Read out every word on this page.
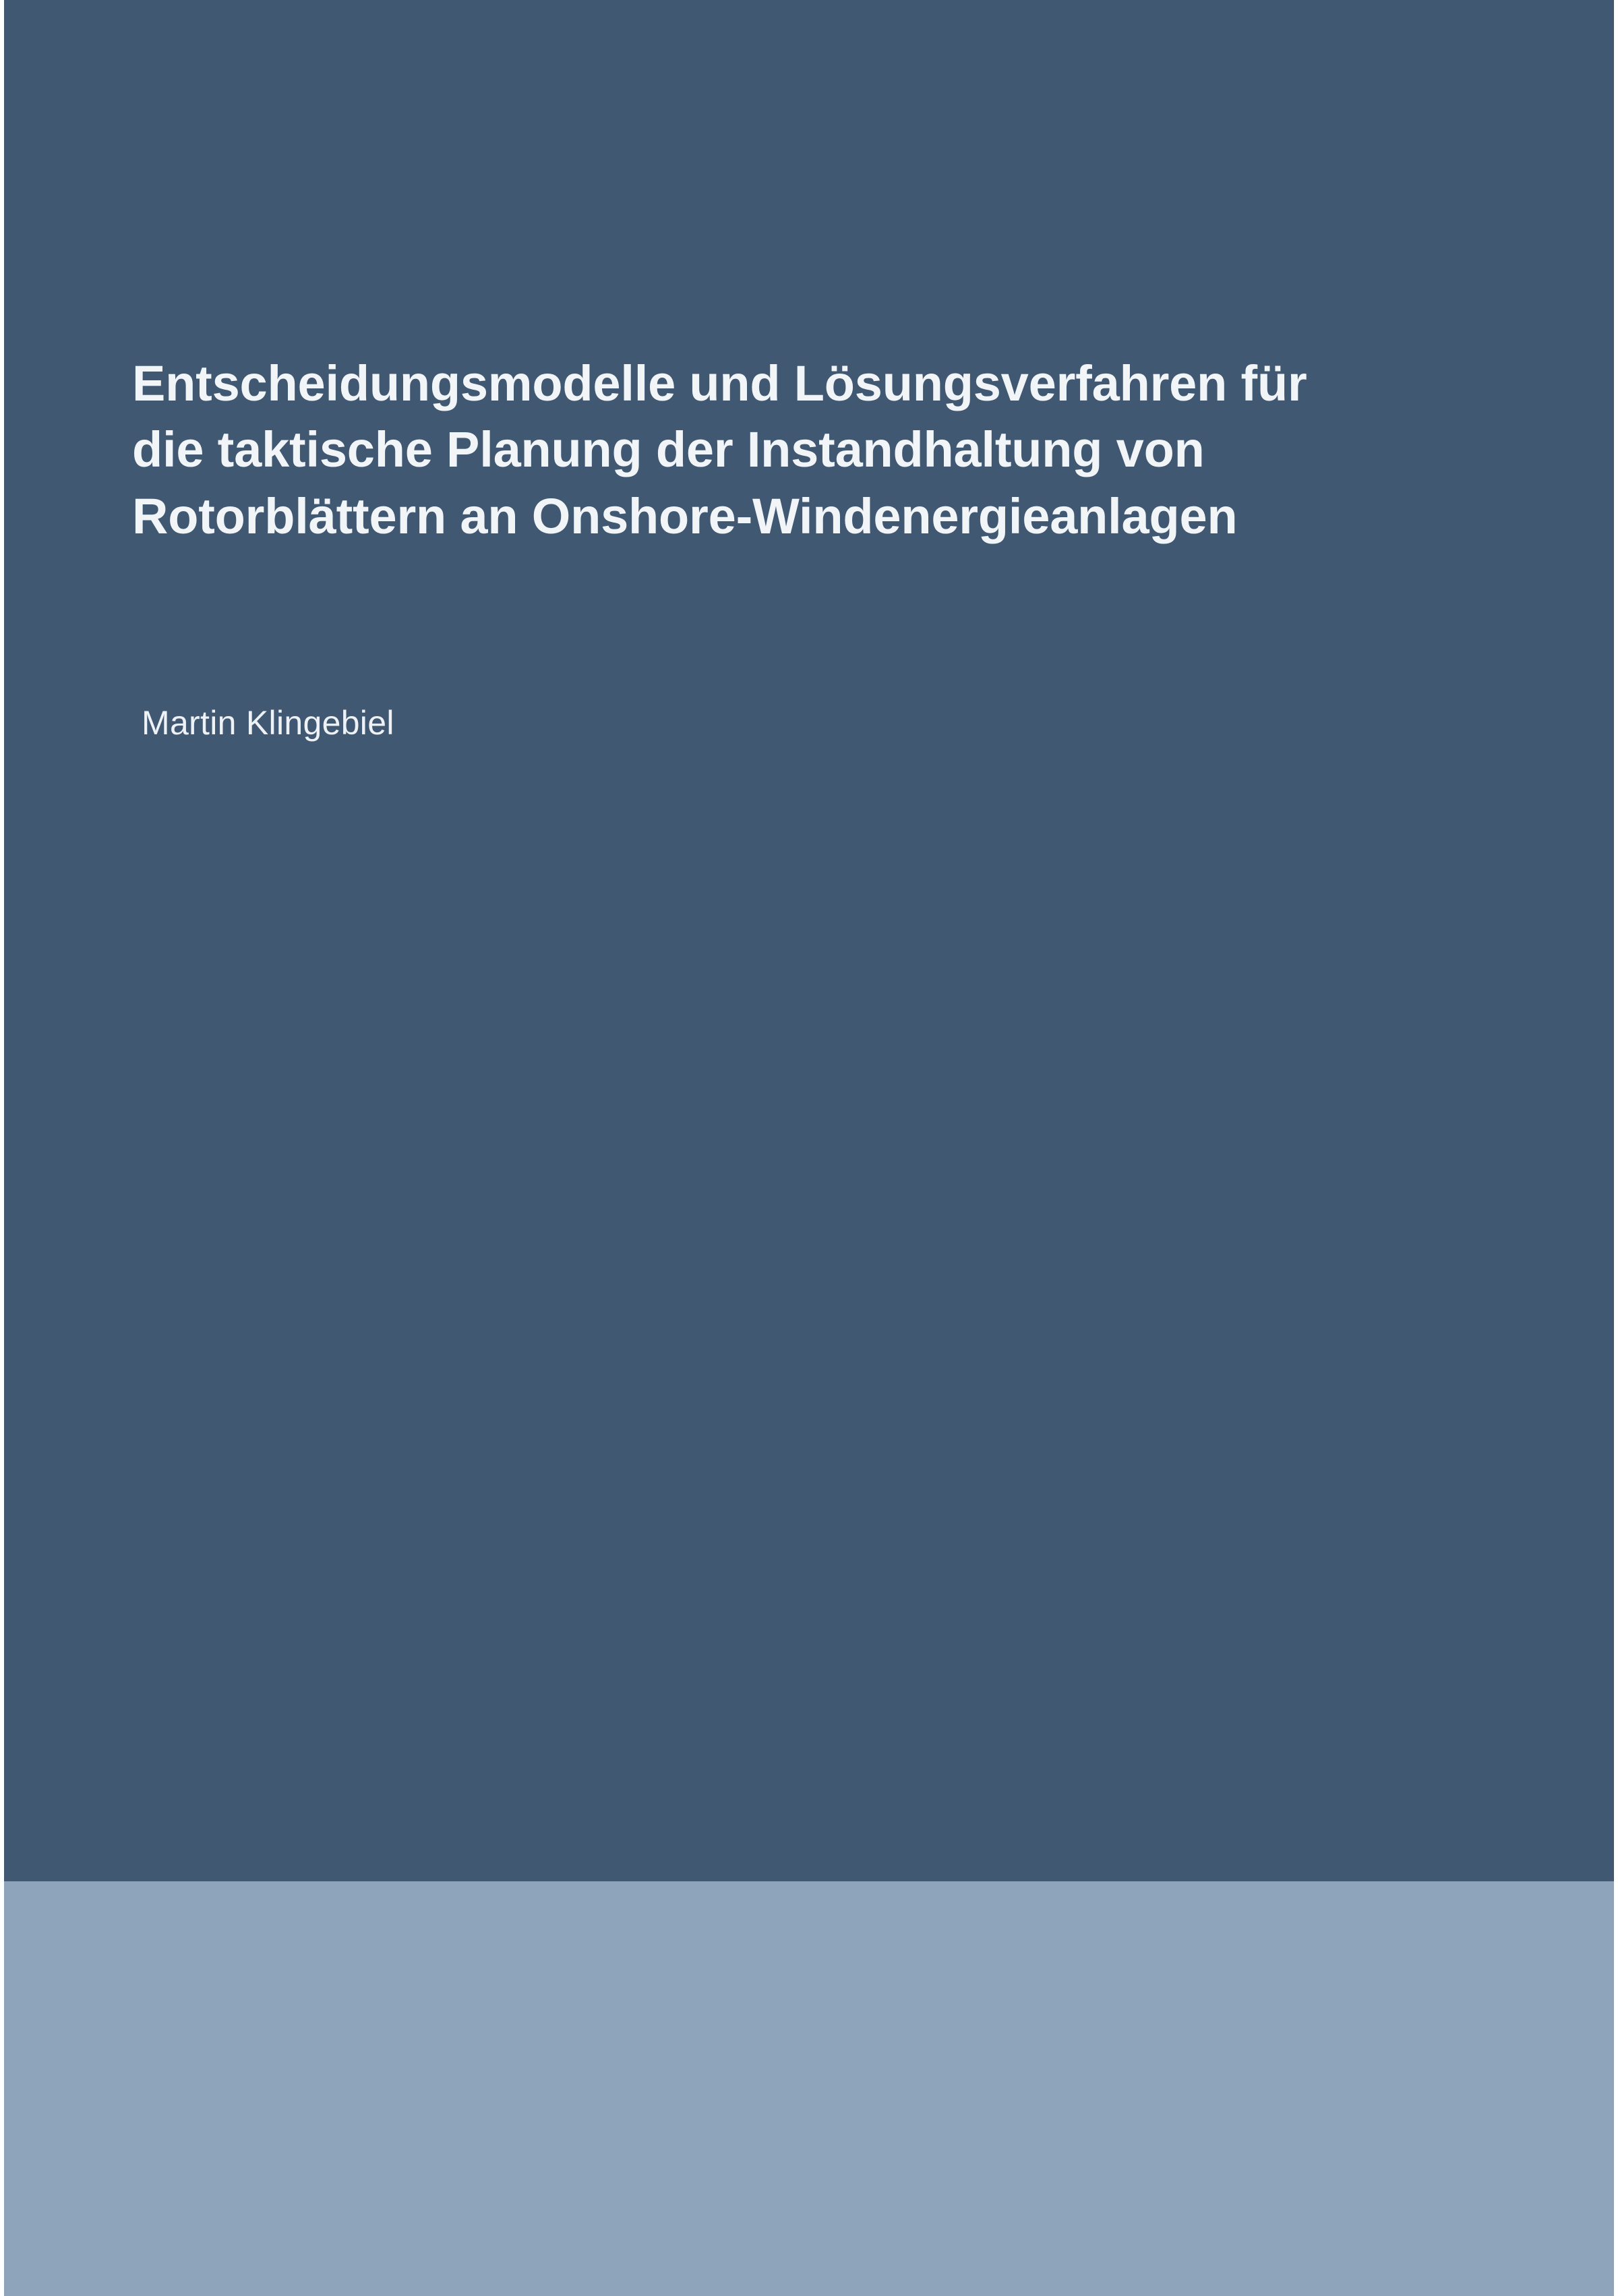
Entscheidungsmodelle und Lösungsverfahren für die taktische Planung der Instandhaltung von Rotorblättern an Onshore-Windenergieanlagen

Martin Klingebiel
